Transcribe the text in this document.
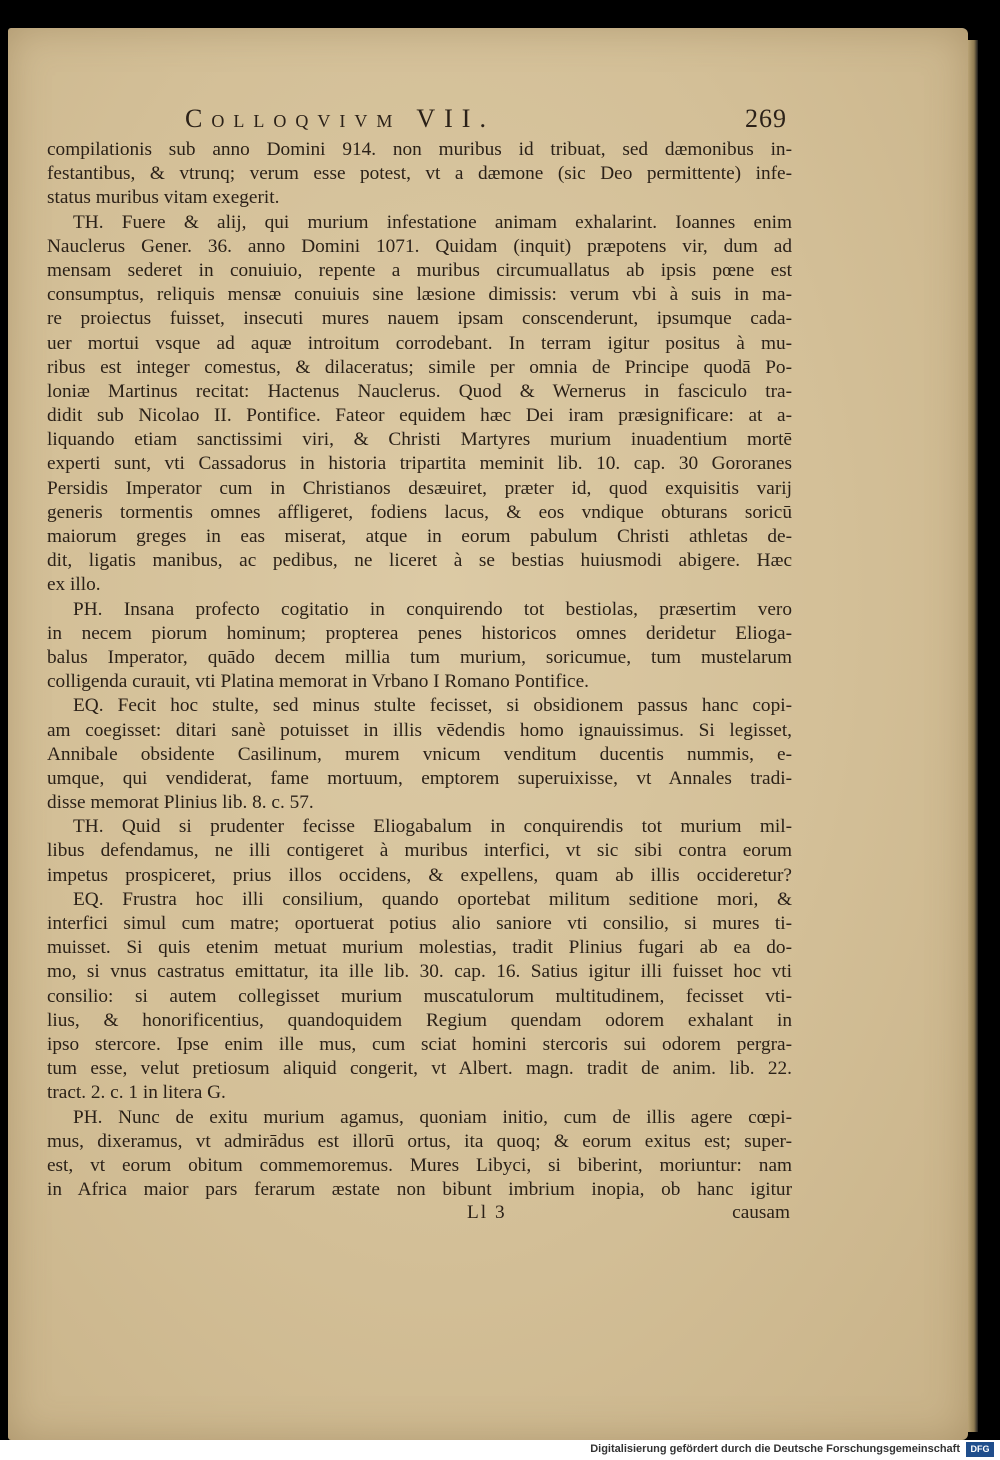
Colloqvivm VII.	269
compilationis sub anno Domini 914. non muribus id tribuat, sed dæmonibus in-
festantibus, & vtrunq; verum esse potest, vt a dæmone (sic Deo permittente) infe-
status muribus vitam exegerit.
TH. Fuere & alij, qui murium infestatione animam exhalarint. Ioannes enim
Nauclerus Gener. 36. anno Domini 1071. Quidam (inquit) præpotens vir, dum ad
mensam sederet in conuiuio, repente a muribus circumuallatus ab ipsis pœne est
consumptus, reliquis mensæ conuiuis sine læsione dimissis: verum vbi à suis in ma-
re proiectus fuisset, insecuti mures nauem ipsam conscenderunt, ipsumque cada-
uer mortui vsque ad aquæ introitum corrodebant. In terram igitur positus à mu-
ribus est integer comestus, & dilaceratus; simile per omnia de Principe quodā Po-
loniæ Martinus recitat: Hactenus Nauclerus. Quod & Wernerus in fasciculo tra-
didit sub Nicolao II. Pontifice. Fateor equidem hæc Dei iram præsignificare: at a-
liquando etiam sanctissimi viri, & Christi Martyres murium inuadentium mortē
experti sunt, vti Cassadorus in historia tripartita meminit lib. 10. cap. 30 Gororanes
Persidis Imperator cum in Christianos desæuiret, præter id, quod exquisitis varij
generis tormentis omnes affligeret, fodiens lacus, & eos vndique obturans soricū
maiorum greges in eas miserat, atque in eorum pabulum Christi athletas de-
dit, ligatis manibus, ac pedibus, ne liceret à se bestias huiusmodi abigere. Hæc
ex illo.
PH. Insana profecto cogitatio in conquirendo tot bestiolas, præsertim vero
in necem piorum hominum; propterea penes historicos omnes deridetur Elioga-
balus Imperator, quādo decem millia tum murium, soricumue, tum mustelarum
colligenda curauit, vti Platina memorat in Vrbano I Romano Pontifice.
EQ. Fecit hoc stulte, sed minus stulte fecisset, si obsidionem passus hanc copi-
am coegisset: ditari sanè potuisset in illis vēdendis homo ignauissimus. Si legisset,
Annibale obsidente Casilinum, murem vnicum venditum ducentis nummis, e-
umque, qui vendiderat, fame mortuum, emptorem superuixisse, vt Annales tradi-
disse memorat Plinius lib. 8. c. 57.
TH. Quid si prudenter fecisse Eliogabalum in conquirendis tot murium mil-
libus defendamus, ne illi contigeret à muribus interfici, vt sic sibi contra eorum
impetus prospiceret, prius illos occidens, & expellens, quam ab illis occideretur?
EQ. Frustra hoc illi consilium, quando oportebat militum seditione mori, &
interfici simul cum matre; oportuerat potius alio saniore vti consilio, si mures ti-
muisset. Si quis etenim metuat murium molestias, tradit Plinius fugari ab ea do-
mo, si vnus castratus emittatur, ita ille lib. 30. cap. 16. Satius igitur illi fuisset hoc vti
consilio: si autem collegisset murium muscatulorum multitudinem, fecisset vti-
lius, & honorificentius, quandoquidem Regium quendam odorem exhalant in
ipso stercore. Ipse enim ille mus, cum sciat homini stercoris sui odorem pergra-
tum esse, velut pretiosum aliquid congerit, vt Albert. magn. tradit de anim. lib. 22.
tract. 2. c. 1 in litera G.
PH. Nunc de exitu murium agamus, quoniam initio, cum de illis agere cœpi-
mus, dixeramus, vt admirādus est illorū ortus, ita quoq; & eorum exitus est; super-
est, vt eorum obitum commemoremus. Mures Libyci, si biberint, moriuntur: nam
in Africa maior pars ferarum æstate non bibunt imbrium inopia, ob hanc igitur
Ll 3	causam
Digitalisierung gefördert durch die Deutsche Forschungsgemeinschaft	DFG
